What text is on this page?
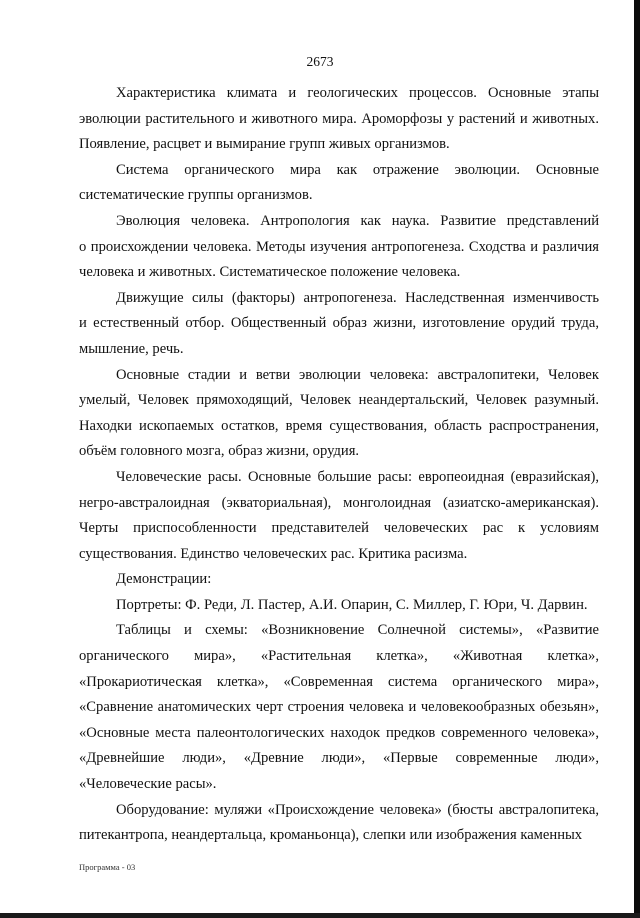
2673
Характеристика климата и геологических процессов. Основные этапы
эволюции растительного и животного мира. Ароморфозы у растений и животных.
Появление, расцвет и вымирание групп живых организмов.
Система органического мира как отражение эволюции. Основные
систематические группы организмов.
Эволюция человека. Антропология как наука. Развитие представлений
о происхождении человека. Методы изучения антропогенеза. Сходства и различия
человека и животных. Систематическое положение человека.
Движущие силы (факторы) антропогенеза. Наследственная изменчивость
и естественный отбор. Общественный образ жизни, изготовление орудий труда,
мышление, речь.
Основные стадии и ветви эволюции человека: австралопитеки, Человек
умелый, Человек прямоходящий, Человек неандертальский, Человек разумный.
Находки ископаемых остатков, время существования, область распространения,
объём головного мозга, образ жизни, орудия.
Человеческие расы. Основные большие расы: европеоидная (евразийская),
негро-австралоидная (экваториальная), монголоидная (азиатско-американская).
Черты приспособленности представителей человеческих рас к условиям
существования. Единство человеческих рас. Критика расизма.
Демонстрации:
Портреты: Ф. Реди, Л. Пастер, А.И. Опарин, С. Миллер, Г. Юри, Ч. Дарвин.
Таблицы и схемы: «Возникновение Солнечной системы», «Развитие
органического мира», «Растительная клетка», «Животная клетка»,
«Прокариотическая клетка», «Современная система органического мира»,
«Сравнение анатомических черт строения человека и человекообразных обезьян»,
«Основные места палеонтологических находок предков современного человека»,
«Древнейшие люди», «Древние люди», «Первые современные люди»,
«Человеческие расы».
Оборудование: муляжи «Происхождение человека» (бюсты австралопитека,
питекантропа, неандертальца, кроманьонца), слепки или изображения каменных
Программа - 03
